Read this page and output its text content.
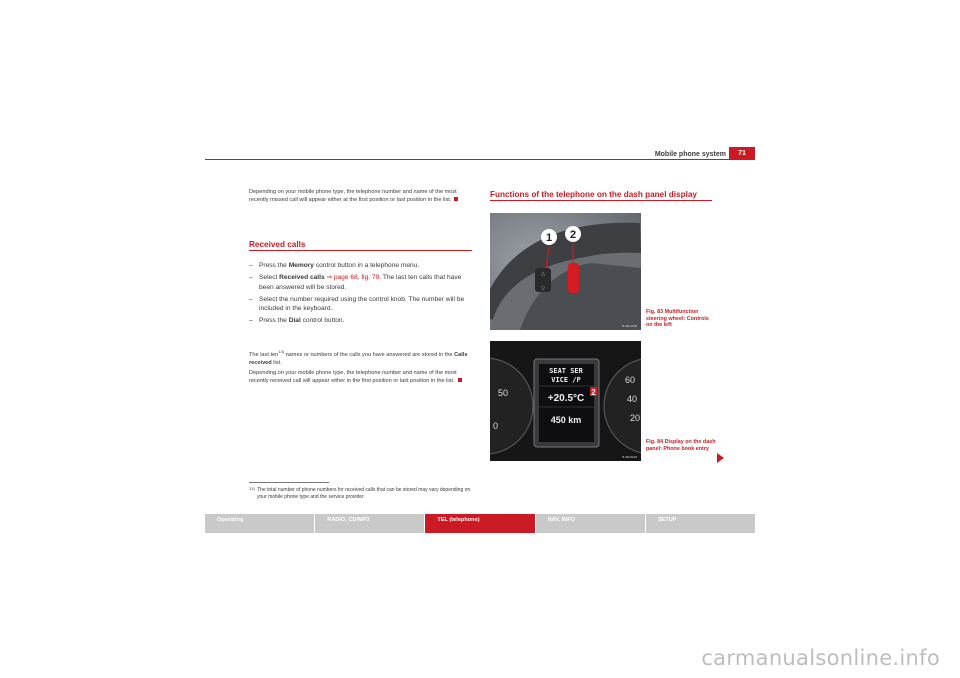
Mobile phone system	71
Depending on your mobile phone type, the telephone number and name of the most recently missed call will appear either at the first position or last position in the list.
Received calls
– Press the Memory control button in a telephone menu.
– Select Received calls ⇒ page 68, fig. 79. The last ten calls that have been answered will be stored.
– Select the number required using the control knob. The number will be included in the keyboard.
– Press the Dial control button.

The last ten$^{13)}$ names or numbers of the calls you have answered are stored in the Calls received list.

Depending on your mobile phone type, the telephone number and name of the most recently received call will appear either in the first position or last position in the list.

13) The total number of phone numbers for received calls that can be stored may vary depending on your mobile phone type and the service provider.
Functions of the telephone on the dash panel display
▽
△
1 2
B 3M-0108
Fig. 83 Multifunction steering wheel: Controls on the left
50
0
60
40
20
SEAT SER
VICE /P
+20.5°C
450 km
2
B 3M-0106
Fig. 84 Display on the dash panel: Phone book entry
Operating	RADIO, CD/MP3	TEL (telephone)	NAV, INFO	SETUP
carmanualsonline.info
